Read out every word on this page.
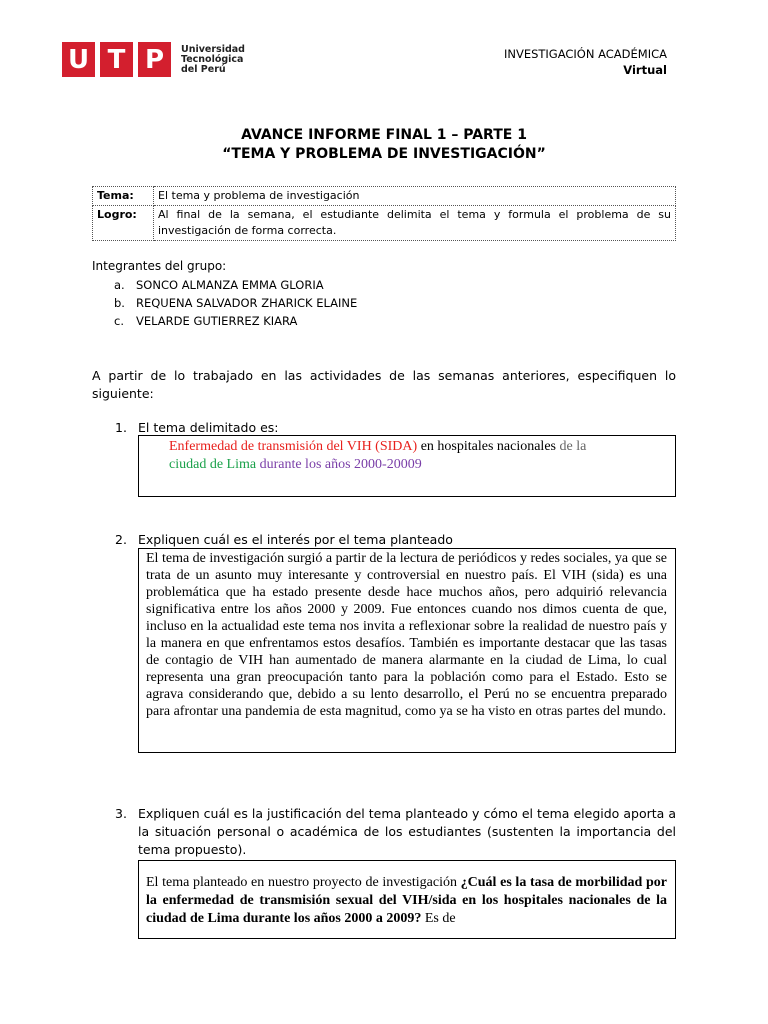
U T P	Universidad
Tecnológica
del Perú
INVESTIGACIÓN ACADÉMICA
Virtual
AVANCE INFORME FINAL 1 – PARTE 1
“TEMA Y PROBLEMA DE INVESTIGACIÓN”
Tema:	El tema y problema de investigación
Logro:	Al final de la semana, el estudiante delimita el tema y formula el problema de su investigación de forma correcta.
Integrantes del grupo:
a. SONCO ALMANZA EMMA GLORIA
b. REQUENA SALVADOR ZHARICK ELAINE
c. VELARDE GUTIERREZ KIARA
A partir de lo trabajado en las actividades de las semanas anteriores, especifiquen lo siguiente:
1. El tema delimitado es:
Enfermedad de transmisión del VIH (SIDA) en hospitales nacionales de la
ciudad de Lima durante los años 2000-20009
2. Expliquen cuál es el interés por el tema planteado
El tema de investigación surgió a partir de la lectura de periódicos y redes sociales, ya que se trata de un asunto muy interesante y controversial en nuestro país. El VIH (sida) es una problemática que ha estado presente desde hace muchos años, pero adquirió relevancia significativa entre los años 2000 y 2009. Fue entonces cuando nos dimos cuenta de que, incluso en la actualidad este tema nos invita a reflexionar sobre la realidad de nuestro país y la manera en que enfrentamos estos desafíos. También es importante destacar que las tasas de contagio de VIH han aumentado de manera alarmante en la ciudad de Lima, lo cual representa una gran preocupación tanto para la población como para el Estado. Esto se agrava considerando que, debido a su lento desarrollo, el Perú no se encuentra preparado para afrontar una pandemia de esta magnitud, como ya se ha visto en otras partes del mundo.
3. Expliquen cuál es la justificación del tema planteado y cómo el tema elegido aporta a la situación personal o académica de los estudiantes (sustenten la importancia del tema propuesto).
El tema planteado en nuestro proyecto de investigación ¿Cuál es la tasa de morbilidad por la enfermedad de transmisión sexual del VIH/sida en los hospitales nacionales de la ciudad de Lima durante los años 2000 a 2009? Es de
